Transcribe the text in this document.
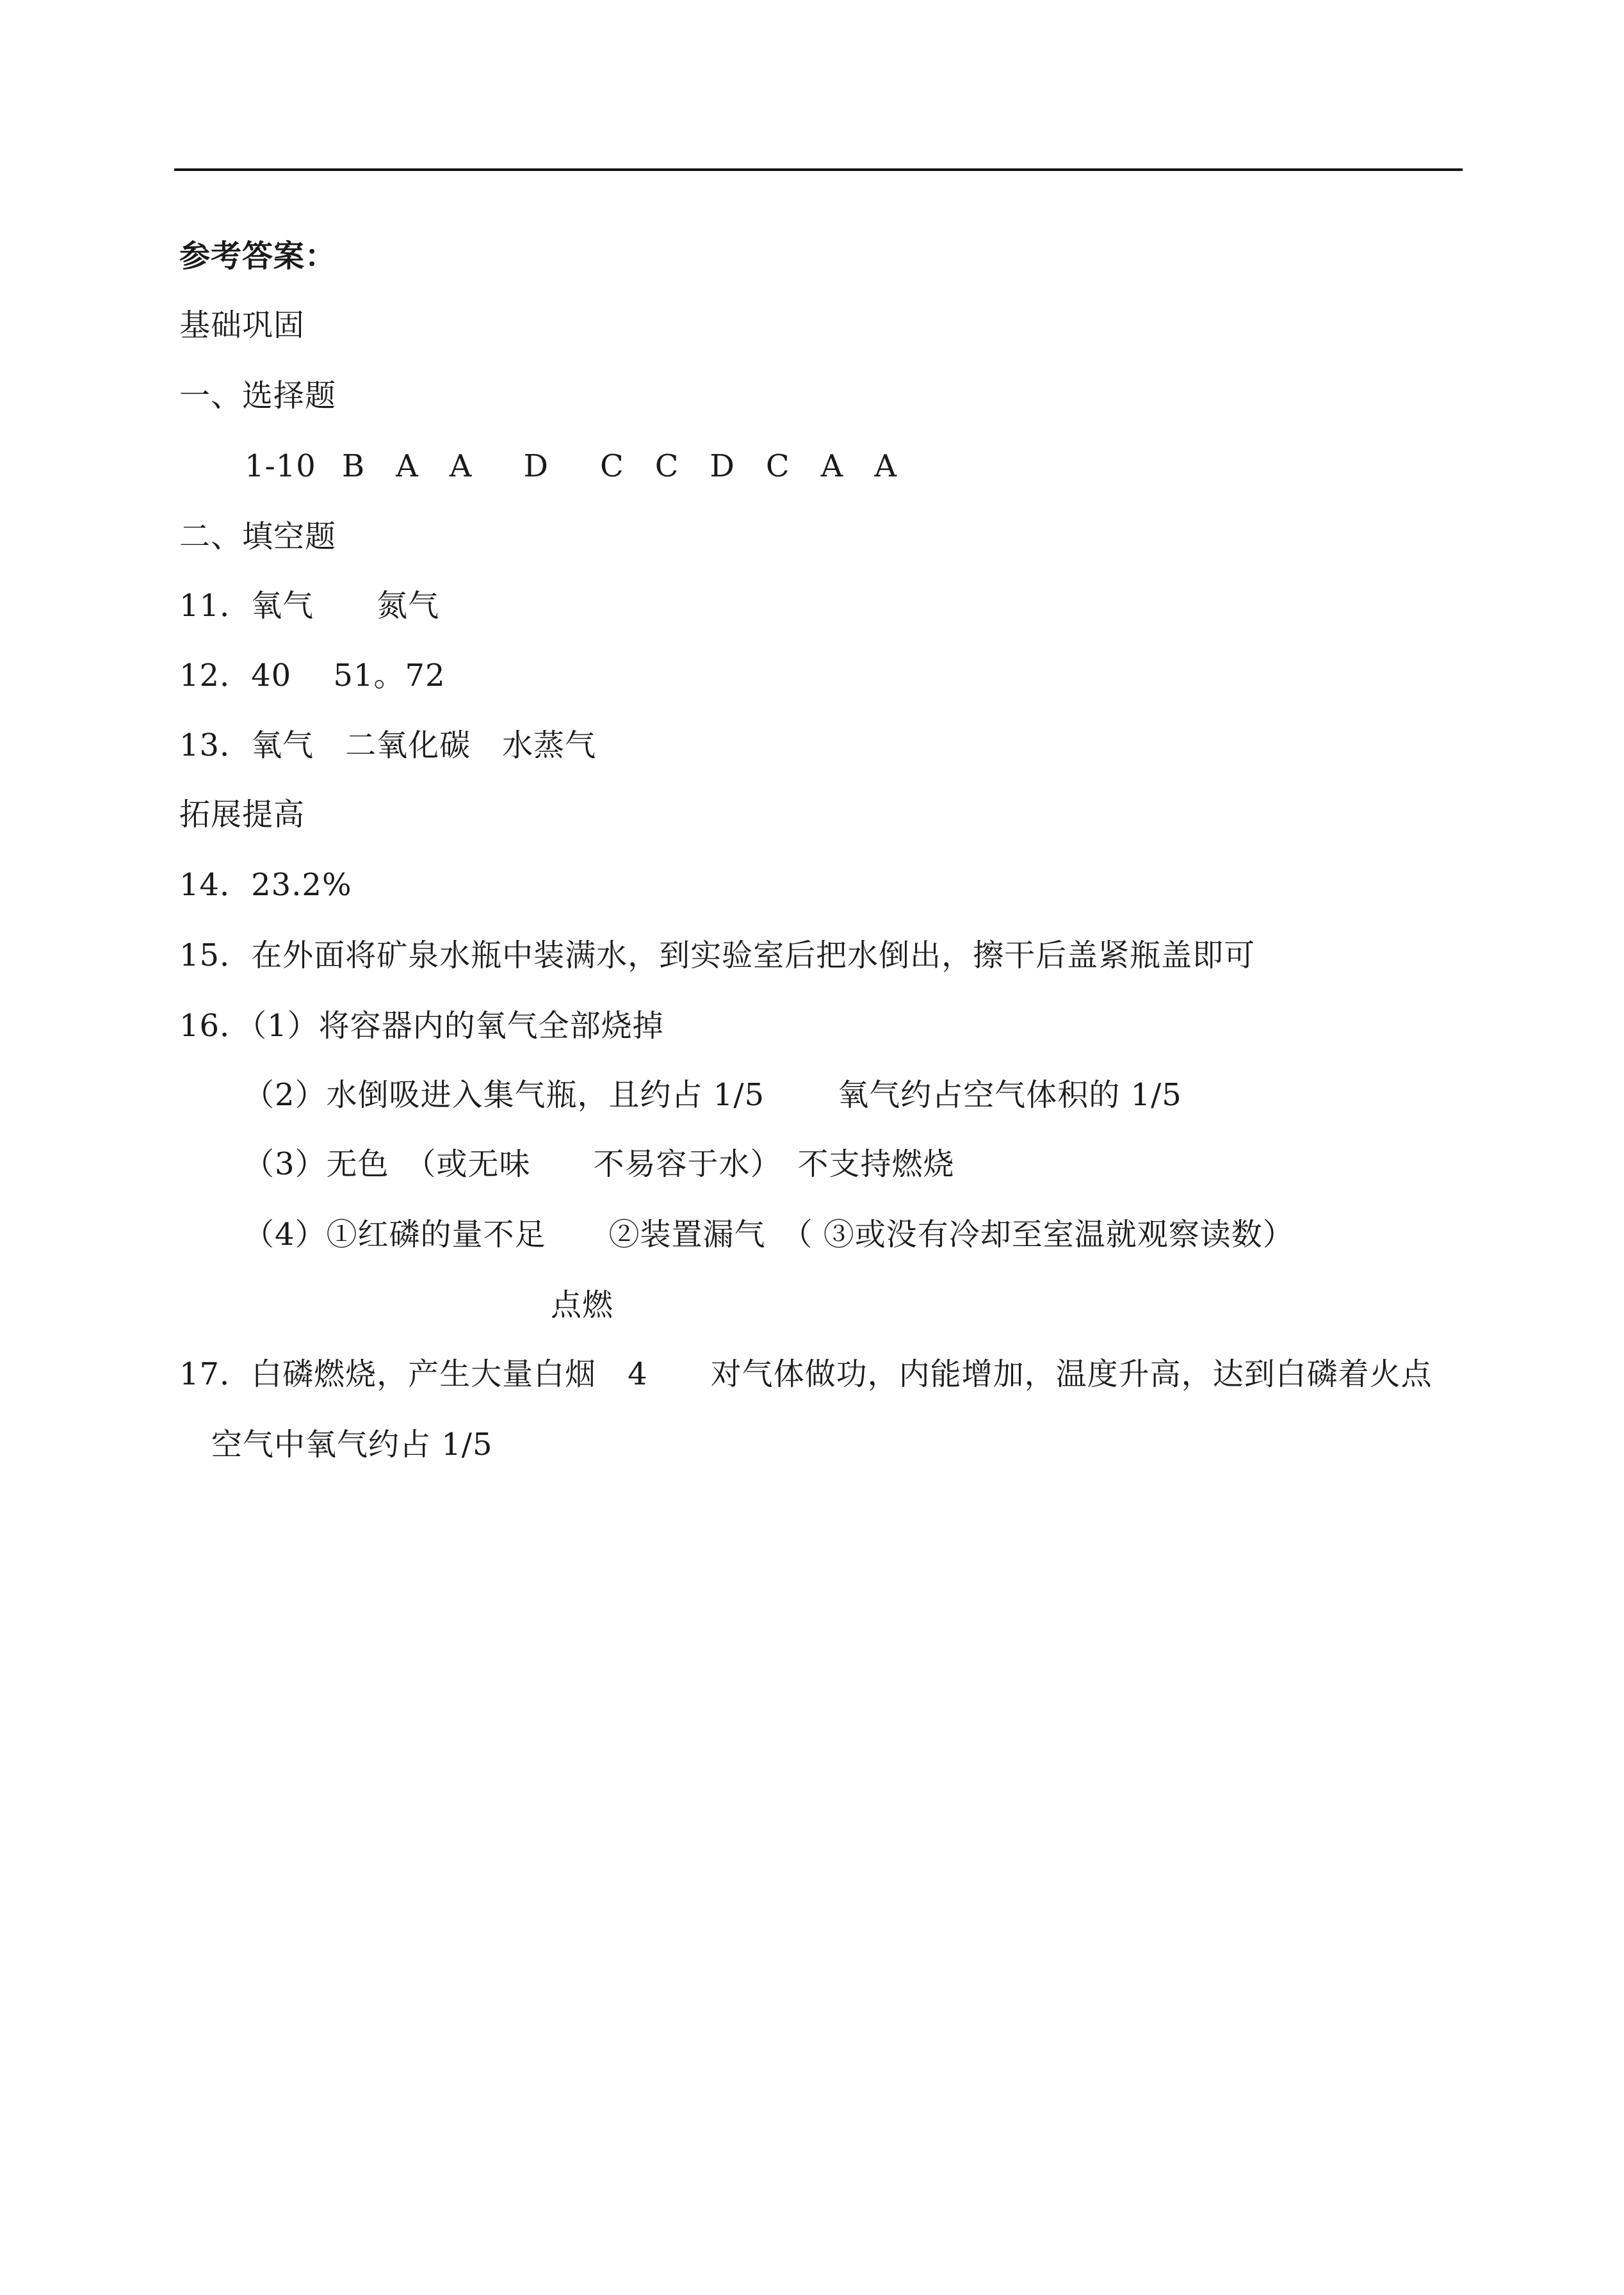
参考答案：
基础巩固
一、选择题
1-10 B A A D C C D C A A
二、填空题
11．氧气　　氮气
12．40　 51。72
13．氧气　二氧化碳　水蒸气
拓展提高
14．23.2%
15．在外面将矿泉水瓶中装满水，到实验室后把水倒出，擦干后盖紧瓶盖即可
16．（1）将容器内的氧气全部烧掉
（2）水倒吸进入集气瓶，且约占 1/5　　 氧气约占空气体积的 1/5
（3）无色　（或无味　　不易容于水）　不支持燃烧
（4）①红磷的量不足　　②装置漏气　（ ③或没有冷却至室温就观察读数）
点燃
17．白磷燃烧，产生大量白烟　4　　对气体做功，内能增加，温度升高，达到白磷着火点
空气中氧气约占 1/5
